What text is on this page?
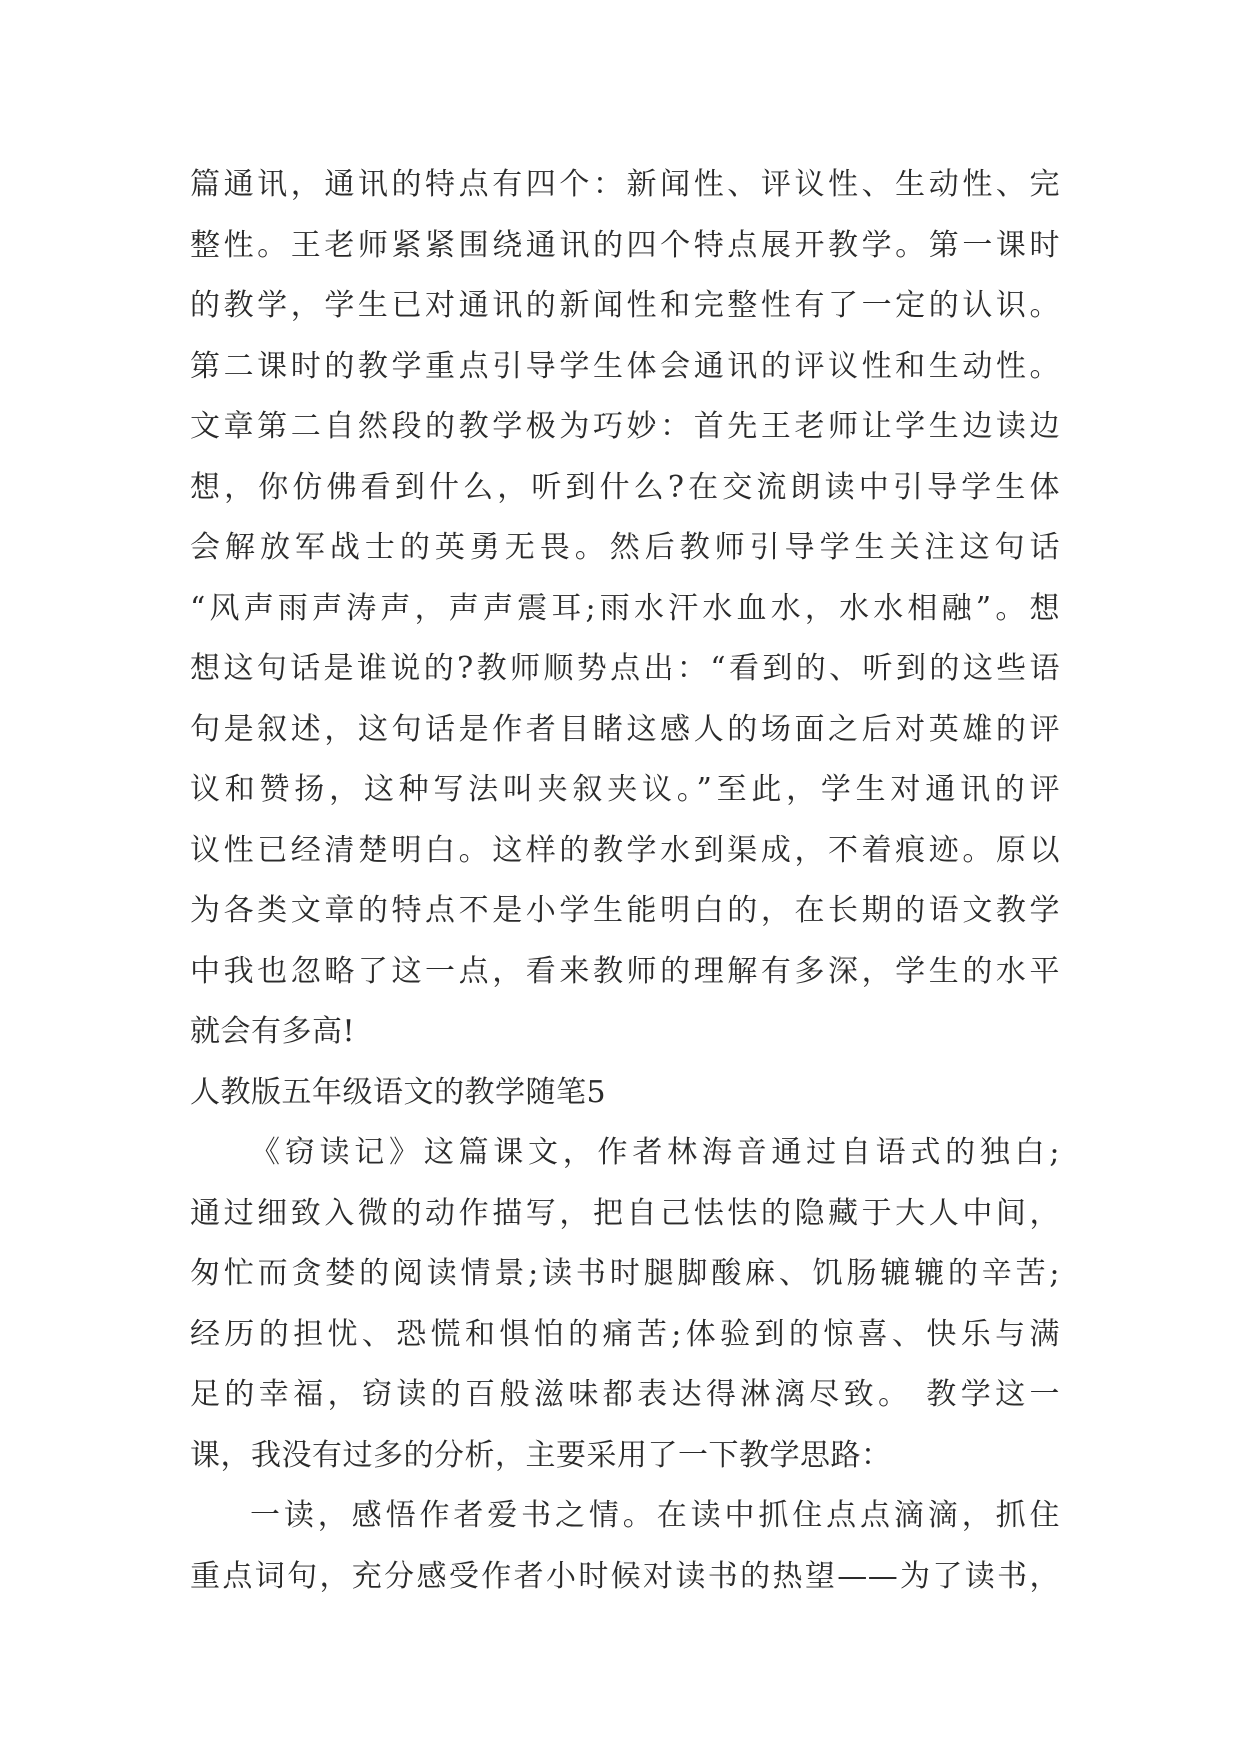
篇通讯，通讯的特点有四个：新闻性、评议性、生动性、完
整性。王老师紧紧围绕通讯的四个特点展开教学。第一课时
的教学，学生已对通讯的新闻性和完整性有了一定的认识。
第二课时的教学重点引导学生体会通讯的评议性和生动性。
文章第二自然段的教学极为巧妙：首先王老师让学生边读边
想，你仿佛看到什么，听到什么?在交流朗读中引导学生体
会解放军战士的英勇无畏。然后教师引导学生关注这句话
“风声雨声涛声，声声震耳;雨水汗水血水，水水相融”。想
想这句话是谁说的?教师顺势点出：“看到的、听到的这些语
句是叙述，这句话是作者目睹这感人的场面之后对英雄的评
议和赞扬，这种写法叫夹叙夹议。”至此，学生对通讯的评
议性已经清楚明白。这样的教学水到渠成，不着痕迹。原以
为各类文章的特点不是小学生能明白的，在长期的语文教学
中我也忽略了这一点，看来教师的理解有多深，学生的水平
就会有多高!
人教版五年级语文的教学随笔5
《窃读记》这篇课文，作者林海音通过自语式的独白;
通过细致入微的动作描写，把自己怯怯的隐藏于大人中间，
匆忙而贪婪的阅读情景;读书时腿脚酸麻、饥肠辘辘的辛苦;
经历的担忧、恐慌和惧怕的痛苦;体验到的惊喜、快乐与满
足的幸福，窃读的百般滋味都表达得淋漓尽致。 教学这一
课，我没有过多的分析，主要采用了一下教学思路：
一读，感悟作者爱书之情。在读中抓住点点滴滴，抓住
重点词句，充分感受作者小时候对读书的热望——为了读书，
